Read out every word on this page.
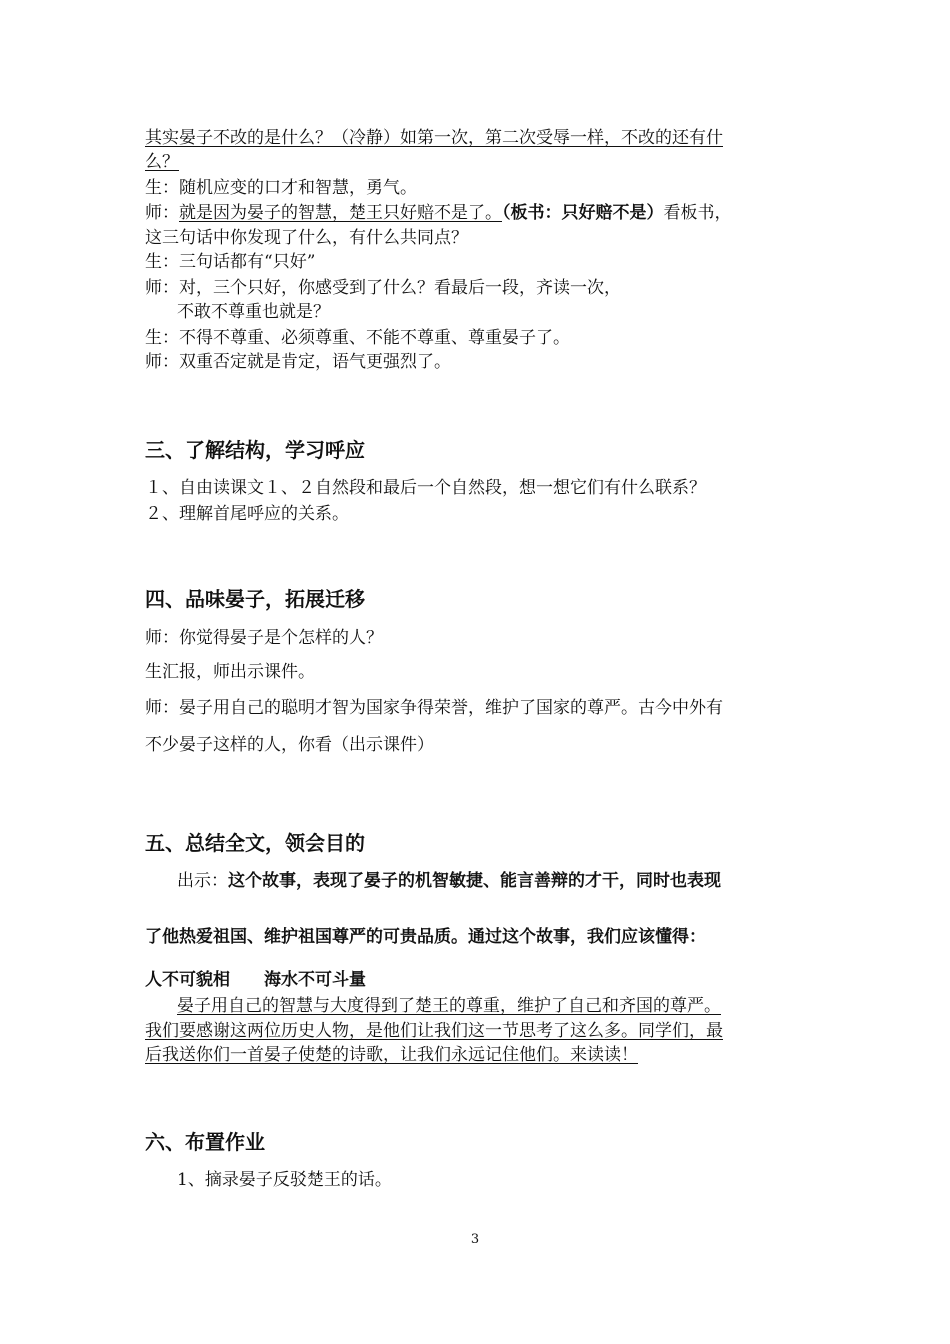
其实晏子不改的是什么？（冷静）如第一次，第二次受辱一样，不改的还有什
么？
生：随机应变的口才和智慧，勇气。
师：就是因为晏子的智慧，楚王只好赔不是了。（板书：只好赔不是）看板书，
这三句话中你发现了什么，有什么共同点？
生：三句话都有“只好”
师：对，三个只好，你感受到了什么？看最后一段，齐读一次，
不敢不尊重也就是？
生：不得不尊重、必须尊重、不能不尊重、尊重晏子了。
师：双重否定就是肯定，语气更强烈了。
三、了解结构，学习呼应
１、自由读课文１、２自然段和最后一个自然段，想一想它们有什么联系？
２、理解首尾呼应的关系。
四、品味晏子，拓展迁移
师：你觉得晏子是个怎样的人？
生汇报，师出示课件。
师：晏子用自己的聪明才智为国家争得荣誉，维护了国家的尊严。古今中外有
不少晏子这样的人，你看（出示课件）
五、总结全文，领会目的
出示：这个故事，表现了晏子的机智敏捷、能言善辩的才干，同时也表现
了他热爱祖国、维护祖国尊严的可贵品质。通过这个故事，我们应该懂得：
人不可貌相　　海水不可斗量
晏子用自己的智慧与大度得到了楚王的尊重，维护了自己和齐国的尊严。
我们要感谢这两位历史人物，是他们让我们这一节思考了这么多。同学们，最
后我送你们一首晏子使楚的诗歌，让我们永远记住他们。来读读！
六、布置作业
1、摘录晏子反驳楚王的话。
3
